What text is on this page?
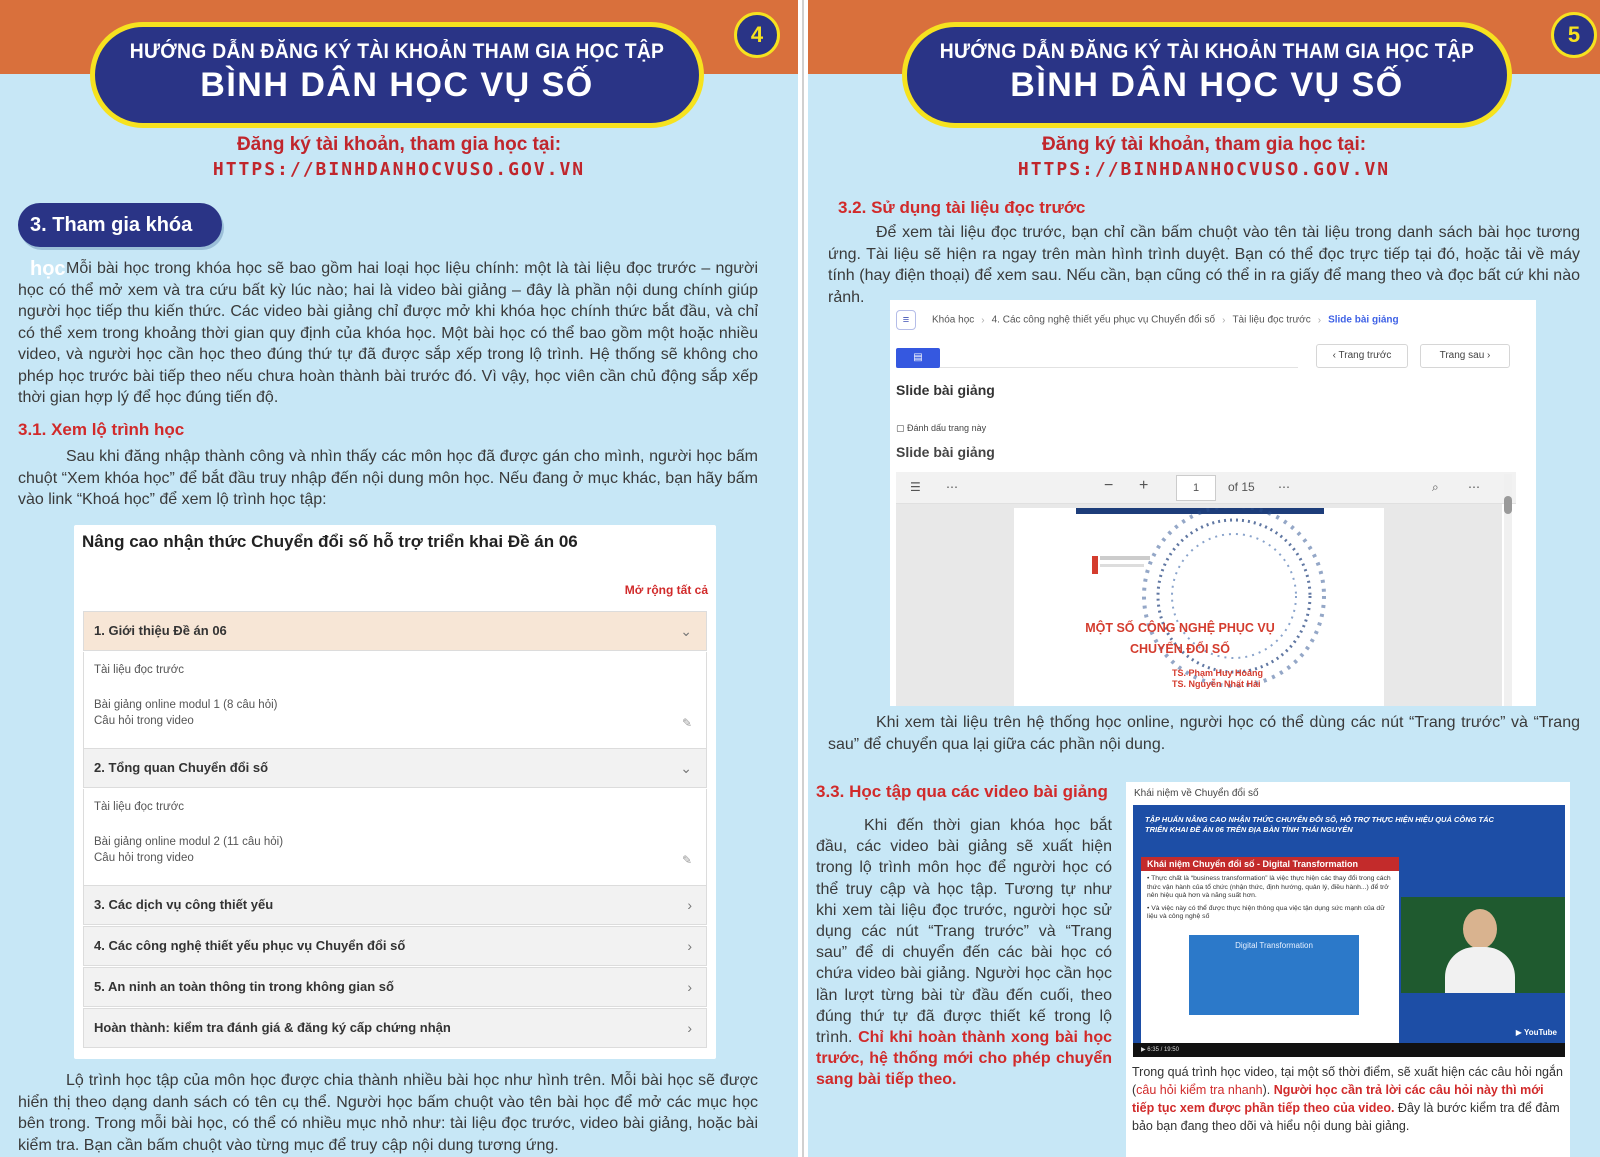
HƯỚNG DẪN ĐĂNG KÝ TÀI KHOẢN THAM GIA HỌC TẬP
BÌNH DÂN HỌC VỤ SỐ
4
Đăng ký tài khoản, tham gia học tại:
HTTPS://BINHDANHOCVUSO.GOV.VN
3. Tham gia khóa học Mỗi bài học trong khóa học sẽ bao gồm hai loại học liệu chính: một là tài liệu đọc trước – người học có thể mở xem và tra cứu bất kỳ lúc nào; hai là video bài giảng – đây là phần nội dung chính giúp người học tiếp thu kiến thức. Các video bài giảng chỉ được mở khi khóa học chính thức bắt đầu, và chỉ có thể xem trong khoảng thời gian quy định của khóa học. Một bài học có thể bao gồm một hoặc nhiều video, và người học cần học theo đúng thứ tự đã được sắp xếp trong lộ trình. Hệ thống sẽ không cho phép học trước bài tiếp theo nếu chưa hoàn thành bài trước đó. Vì vậy, học viên cần chủ động sắp xếp thời gian hợp lý để học đúng tiến độ.
3.1. Xem lộ trình học
Sau khi đăng nhập thành công và nhìn thấy các môn học đã được gán cho mình, người học bấm chuột “Xem khóa học” để bắt đầu truy nhập đến nội dung môn học. Nếu đang ở mục khác, bạn hãy bấm vào link “Khoá học” để xem lộ trình học tập:
Nâng cao nhận thức Chuyển đổi số hỗ trợ triển khai Đề án 06
Mở rộng tất cả
1. Giới thiệu Đề án 06	⌄
Tài liệu đọc trước
Bài giảng online modul 1 (8 câu hỏi)
Câu hỏi trong video	✎
2. Tổng quan Chuyển đổi số	⌄
Tài liệu đọc trước
Bài giảng online modul 2 (11 câu hỏi)
Câu hỏi trong video	✎
3. Các dịch vụ công thiết yếu	›
4. Các công nghệ thiết yếu phục vụ Chuyển đổi số	›
5. An ninh an toàn thông tin trong không gian số	›
Hoàn thành: kiểm tra đánh giá & đăng ký cấp chứng nhận	›
Lộ trình học tập của môn học được chia thành nhiều bài học như hình trên. Mỗi bài học sẽ được hiển thị theo dạng danh sách có tên cụ thể. Người học bấm chuột vào tên bài học để mở các mục học bên trong. Trong mỗi bài học, có thể có nhiều mục nhỏ như: tài liệu đọc trước, video bài giảng, hoặc bài kiểm tra. Bạn cần bấm chuột vào từng mục để truy cập nội dung tương ứng.
HƯỚNG DẪN ĐĂNG KÝ TÀI KHOẢN THAM GIA HỌC TẬP
BÌNH DÂN HỌC VỤ SỐ
5
Đăng ký tài khoản, tham gia học tại:
HTTPS://BINHDANHOCVUSO.GOV.VN
3.2. Sử dụng tài liệu đọc trước
Để xem tài liệu đọc trước, bạn chỉ cần bấm chuột vào tên tài liệu trong danh sách bài học tương ứng. Tài liệu sẽ hiện ra ngay trên màn hình trình duyệt. Bạn có thể đọc trực tiếp tại đó, hoặc tải về máy tính (hay điện thoại) để xem sau. Nếu cần, bạn cũng có thể in ra giấy để mang theo và đọc bất cứ khi nào rảnh.
≡ Khóa học › 4. Các công nghệ thiết yếu phục vụ Chuyển đổi số › Tài liệu đọc trước › Slide bài giảng
▤	‹ Trang trước	Trang sau ›
Slide bài giảng
▢ Đánh dấu trang này
Slide bài giảng
☰ ⋯	− +	1	of 15 ⋯	⌕ ⋯
MỘT SỐ CÔNG NGHỆ PHỤC VỤ
CHUYỂN ĐỔI SỐ
TS. Phạm Huy Hoàng
TS. Nguyễn Nhất Hải
Khi xem tài liệu trên hệ thống học online, người học có thể dùng các nút “Trang trước” và “Trang sau” để chuyển qua lại giữa các phần nội dung.
3.3. Học tập qua các video bài giảng
Khi đến thời gian khóa học bắt đầu, các video bài giảng sẽ xuất hiện trong lộ trình môn học để người học có thể truy cập và học tập. Tương tự như khi xem tài liệu đọc trước, người học sử dụng các nút “Trang trước” và “Trang sau” để di chuyển đến các bài học có chứa video bài giảng. Người học cần học lần lượt từng bài từ đầu đến cuối, theo đúng thứ tự đã được thiết kế trong lộ trình. Chỉ khi hoàn thành xong bài học trước, hệ thống mới cho phép chuyển sang bài tiếp theo.
Khái niệm về Chuyển đổi số
TẬP HUẤN NÂNG CAO NHẬN THỨC CHUYỂN ĐỔI SỐ, HỖ TRỢ THỰC HIỆN HIỆU QUẢ CÔNG TÁC TRIỂN KHAI ĐỀ ÁN 06 TRÊN ĐỊA BÀN TỈNH THÁI NGUYÊN
Khái niệm Chuyển đổi số - Digital Transformation
• Thực chất là “business transformation” là việc thực hiện các thay đổi trong cách thức vận hành của tổ chức (nhận thức, định hướng, quản lý, điều hành...) để trở nên hiệu quả hơn và năng suất hơn.
• Và việc này có thể được thực hiện thông qua việc tận dụng sức mạnh của dữ liệu và công nghệ số
Digital Transformation
▶ YouTube
▶ 6:35 / 19:50
Trong quá trình học video, tại một số thời điểm, sẽ xuất hiện các câu hỏi ngắn (câu hỏi kiểm tra nhanh). Người học cần trả lời các câu hỏi này thì mới tiếp tục xem được phần tiếp theo của video. Đây là bước kiểm tra để đảm bảo bạn đang theo dõi và hiểu nội dung bài giảng.
